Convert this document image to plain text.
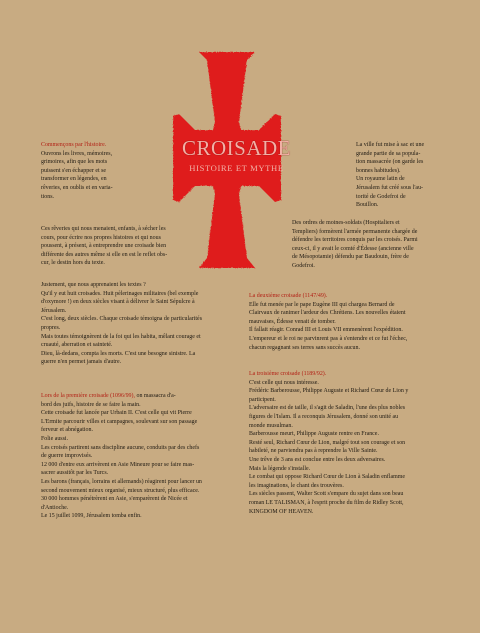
CROISADE
HISTOIRE ET MYTHE

Commençons par l'histoire.

Ouvrons les livres, mémoires,

grimoires, afin que les mots

puissent s'en échapper et se

transformer en légendes, en

rêveries, en oublis et en varia-

tions.

Ces rêveries qui nous menaient, enfants, à sécher les

cours, pour écrire nos propres histoires et qui nous

poussent, à présent, à entreprendre une croisade bien

différente des autres même si elle en est le reflet obs-

cur, le destin hors du texte.

La ville fut mise à sac et une

grande partie de sa popula-

tion massacrée (on garde les

bonnes habitudes).

Un royaume latin de

Jérusalem fut créé sous l'au-

torité de Godefroi de

Bouillon.

Des ordres de moines-soldats (Hospitaliers et

Templiers) formèrent l'armée permanente chargée de

défendre les territoires conquis par les croisés. Parmi

ceux-ci, il y avait le comté d'Édesse (ancienne ville

de Mésopotamie) défendu par Baudouin, frère de

Godefroi.

Justement, que nous apprenaient les textes ?

Qu'il y eut huit croisades. Huit pèlerinages militaires (bel exemple

d'oxymore !) en deux siècles visant à délivrer le Saint Sépulcre à

Jérusalem.

C'est long, deux siècles. Chaque croisade témoigna de particularités

propres.

Mais toutes témoignèrent de la foi qui les habita, mêlant courage et

cruauté, aberration et sainteté.

Dieu, là-dedans, compta les morts. C'est une besogne sinistre. La

guerre n'en permet jamais d'autre.

Lors de la première croisade (1096/99), on massacra d'a-

bord des juifs, histoire de se faire la main.

Cette croisade fut lancée par Urbain II. C'est celle qui vit Pierre

L'Ermite parcourir villes et campagnes, soulevant sur son passage

ferveur et abnégation.

Folie aussi.

Les croisés partirent sans discipline aucune, conduits par des chefs

de guerre improvisés.

12 000 d'entre eux arrivèrent en Asie Mineure pour se faire mas-

sacrer aussitôt par les Turcs.

Les barons (français, lorrains et allemands) réagirent pour lancer un

second mouvement mieux organisé, mieux structuré, plus efficace.

30 000 hommes pénétrèrent en Asie, s'emparèrent de Nicée et

d'Antioche.

Le 15 juillet 1099, Jérusalem tomba enfin.

La deuxième croisade (1147/49).

Elle fut menée par le pape Eugène III qui chargea Bernard de

Clairvaux de ranimer l'ardeur des Chrétiens. Les nouvelles étaient

mauvaises, Édesse venait de tomber.

Il fallait réagir. Conrad III et Louis VII emmenèrent l'expédition.

L'empereur et le roi ne parvinrent pas à s'entendre et ce fut l'échec,

chacun regagnant ses terres sans succès aucun.

La troisième croisade (1189/92).

C'est celle qui nous intéresse.

Frédéric Barberousse, Philippe Auguste et Richard Cœur de Lion y

participent.

L'adversaire est de taille, il s'agit de Saladin, l'une des plus nobles

figures de l'Islam. Il a reconquis Jérusalem, donné son unité au

monde musulman.

Barberousse meurt, Philippe Auguste rentre en France.

Resté seul, Richard Cœur de Lion, malgré tout son courage et son

habileté, ne parviendra pas à reprendre la Ville Sainte.

Une trêve de 3 ans est conclue entre les deux adversaires.

Mais la légende s'installe.

Le combat qui oppose Richard Cœur de Lion à Saladin enflamme

les imaginations, le chant des trouvères.

Les siècles passent, Walter Scott s'empare du sujet dans son beau

roman LE TALISMAN, à l'esprit proche du film de Ridley Scott,

KINGDOM OF HEAVEN.
